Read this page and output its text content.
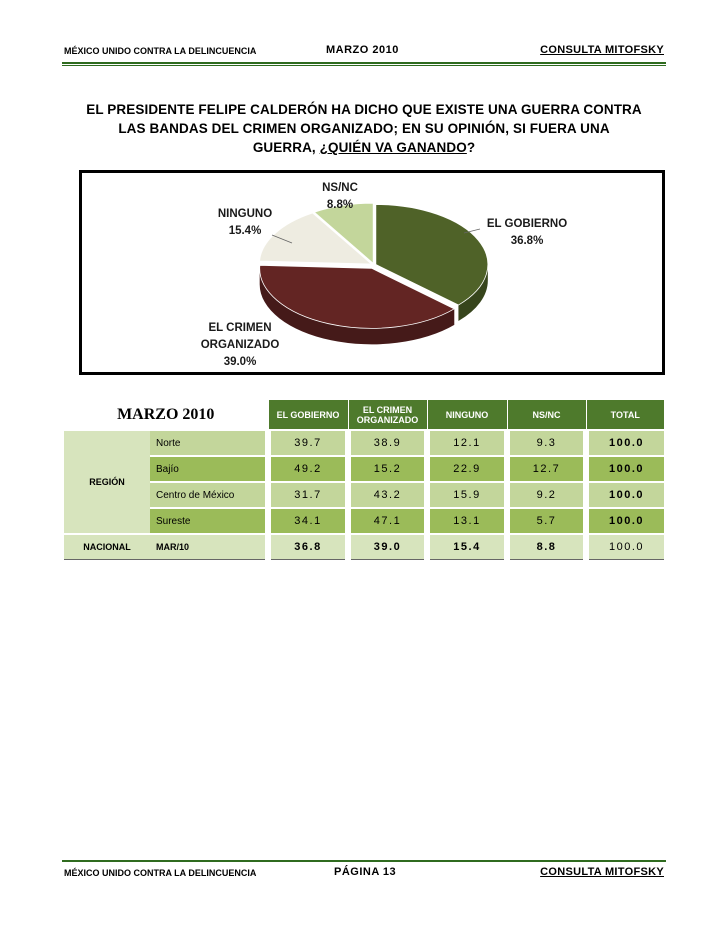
MÉXICO UNIDO CONTRA LA DELINCUENCIA	MARZO 2010	CONSULTA MITOFSKY
EL PRESIDENTE FELIPE CALDERÓN HA DICHO QUE EXISTE UNA GUERRA CONTRA
LAS BANDAS DEL CRIMEN ORGANIZADO; EN SU OPINIÓN, SI FUERA UNA
GUERRA, ¿QUIÉN VA GANANDO?
EL GOBIERNO
36.8%
EL CRIMEN
ORGANIZADO
39.0%
NINGUNO
15.4%
NS/NC
8.8%
MARZO 2010		EL GOBIERNO	EL CRIMEN
ORGANIZADO	NINGUNO	NS/NC	TOTAL
REGIÓN	Norte	39.7	38.9	12.1	9.3	100.0
	Bajío	49.2	15.2	22.9	12.7	100.0
	Centro de México	31.7	43.2	15.9	9.2	100.0
	Sureste	34.1	47.1	13.1	5.7	100.0
NACIONAL	MAR/10	36.8	39.0	15.4	8.8	100.0
MÉXICO UNIDO CONTRA LA DELINCUENCIA	PÁGINA 13	CONSULTA MITOFSKY
